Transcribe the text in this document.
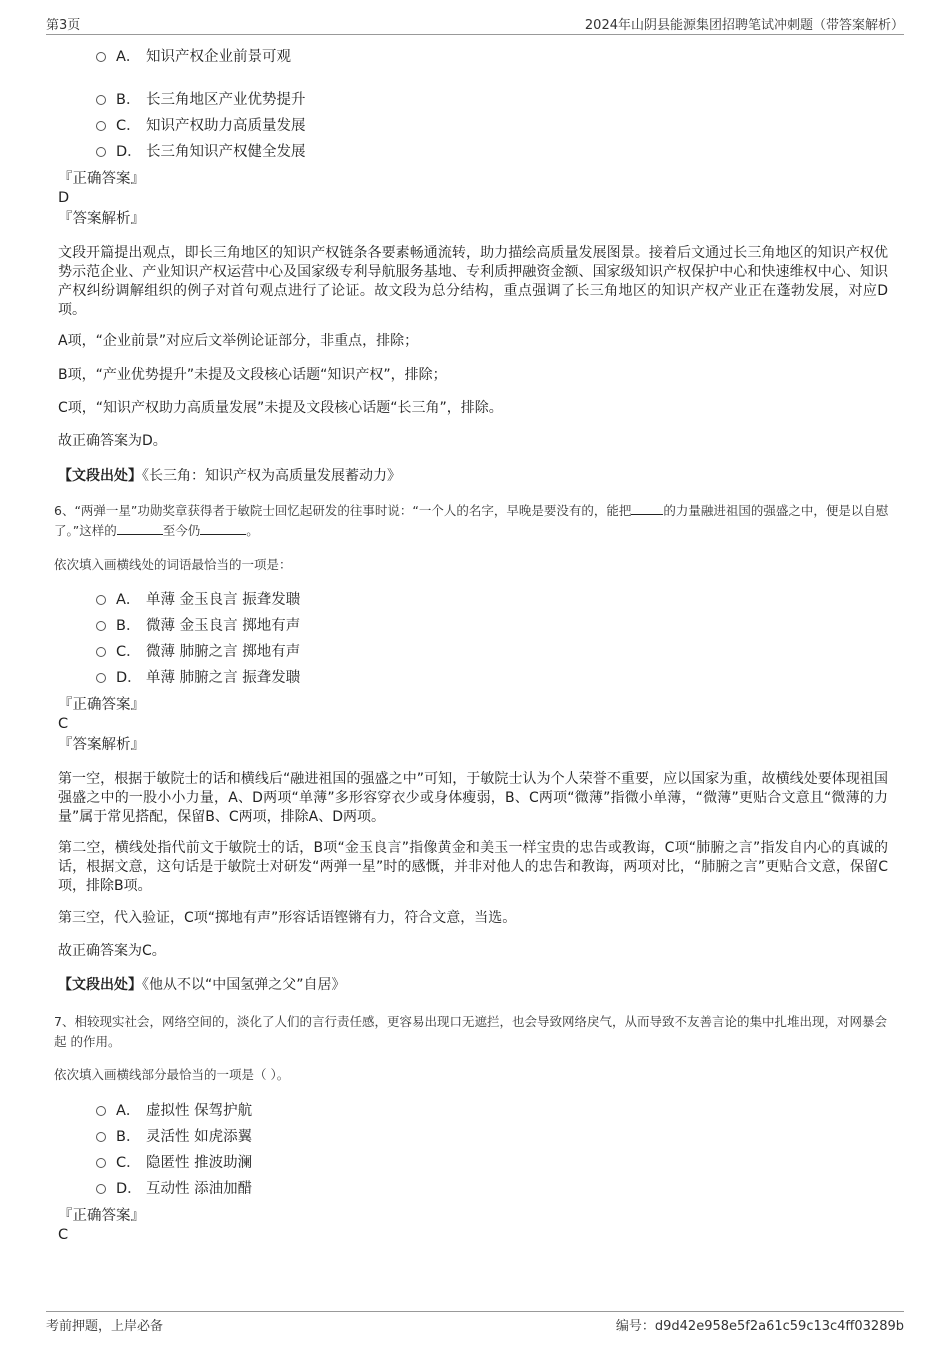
第3页	2024年山阴县能源集团招聘笔试冲刺题（带答案解析）
A． 知识产权企业前景可观
B． 长三角地区产业优势提升
C． 知识产权助力高质量发展
D． 长三角知识产权健全发展
『正确答案』
D
『答案解析』
文段开篇提出观点，即长三角地区的知识产权链条各要素畅通流转，助力描绘高质量发展图景。接着后文通过长三角地区的知识产权优势示范企业、产业知识产权运营中心及国家级专利导航服务基地、专利质押融资金额、国家级知识产权保护中心和快速维权中心、知识产权纠纷调解组织的例子对首句观点进行了论证。故文段为总分结构，重点强调了长三角地区的知识产权产业正在蓬勃发展，对应D项。
A项，“企业前景”对应后文举例论证部分，非重点，排除；
B项，“产业优势提升”未提及文段核心话题“知识产权”，排除；
C项，“知识产权助力高质量发展”未提及文段核心话题“长三角”，排除。
故正确答案为D。
【文段出处】《长三角：知识产权为高质量发展蓄动力》
6、“两弹一星”功勋奖章获得者于敏院士回忆起研发的往事时说：“一个人的名字，早晚是要没有的，能把	的力量融进祖国的强盛之中，便是以自慰了。”这样的	至今仍	。
依次填入画横线处的词语最恰当的一项是：
A． 单薄 金玉良言 振聋发聩
B． 微薄 金玉良言 掷地有声
C． 微薄 肺腑之言 掷地有声
D． 单薄 肺腑之言 振聋发聩
『正确答案』
C
『答案解析』
第一空，根据于敏院士的话和横线后“融进祖国的强盛之中”可知，于敏院士认为个人荣誉不重要，应以国家为重，故横线处要体现祖国强盛之中的一股小小力量，A、D两项“单薄”多形容穿衣少或身体瘦弱，B、C两项“微薄”指微小单薄，“微薄”更贴合文意且“微薄的力量”属于常见搭配，保留B、C两项，排除A、D两项。
第二空，横线处指代前文于敏院士的话，B项“金玉良言”指像黄金和美玉一样宝贵的忠告或教诲，C项“肺腑之言”指发自内心的真诚的话，根据文意，这句话是于敏院士对研发“两弹一星”时的感慨，并非对他人的忠告和教诲，两项对比，“肺腑之言”更贴合文意，保留C项，排除B项。
第三空，代入验证，C项“掷地有声”形容话语铿锵有力，符合文意，当选。
故正确答案为C。
【文段出处】《他从不以“中国氢弹之父”自居》
7、相较现实社会，网络空间的，淡化了人们的言行责任感，更容易出现口无遮拦，也会导致网络戾气，从而导致不友善言论的集中扎堆出现，对网暴会起 的作用。
依次填入画横线部分最恰当的一项是（ ）。
A． 虚拟性 保驾护航
B． 灵活性 如虎添翼
C． 隐匿性 推波助澜
D． 互动性 添油加醋
『正确答案』
C
考前押题，上岸必备	编号：d9d42e958e5f2a61c59c13c4ff03289b
